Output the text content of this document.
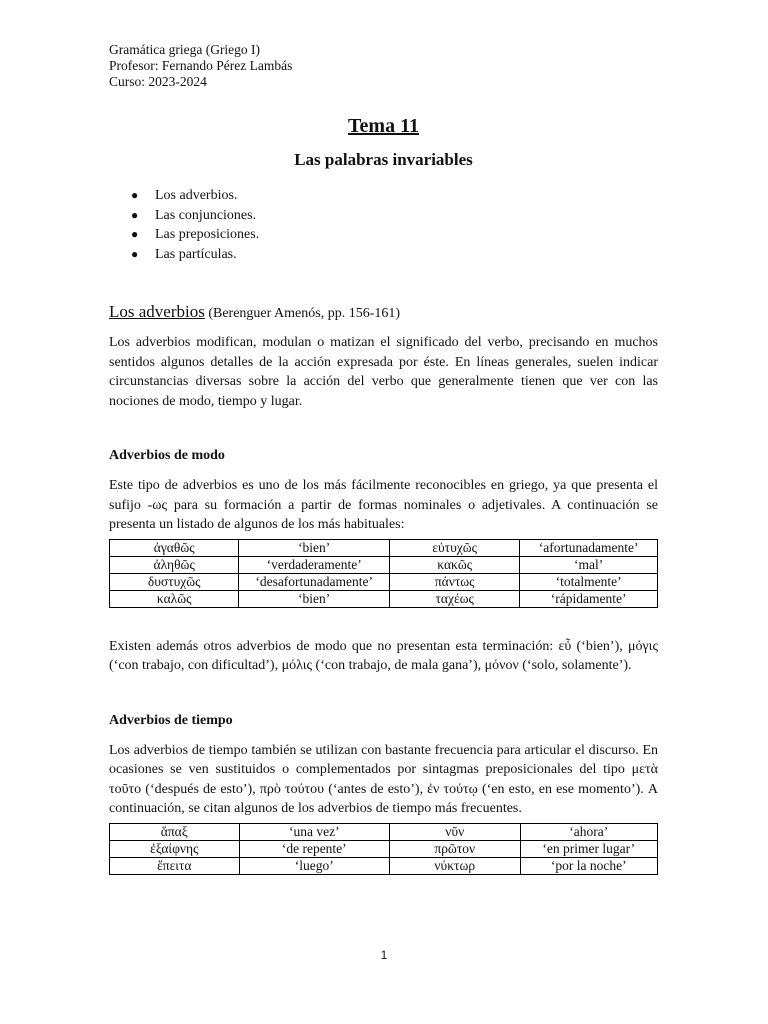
Gramática griega (Griego I)
Profesor: Fernando Pérez Lambás
Curso: 2023-2024
Tema 11
Las palabras invariables
● Los adverbios.
● Las conjunciones.
● Las preposiciones.
● Las partículas.
Los adverbios (Berenguer Amenós, pp. 156-161)

Los adverbios modifican, modulan o matizan el significado del verbo, precisando en muchos sentidos algunos detalles de la acción expresada por éste. En líneas generales, suelen indicar circunstancias diversas sobre la acción del verbo que generalmente tienen que ver con las nociones de modo, tiempo y lugar.

Adverbios de modo

Este tipo de adverbios es uno de los más fácilmente reconocibles en griego, ya que presenta el sufijo -ως para su formación a partir de formas nominales o adjetivales. A continuación se presenta un listado de algunos de los más habituales:

ἀγαθῶς	‘bien’	εὐτυχῶς	‘afortunadamente’
ἀληθῶς	‘verdaderamente’	κακῶς	‘mal’
δυστυχῶς	‘desafortunadamente’	πάντως	‘totalmente’
καλῶς	‘bien’	ταχέως	‘rápidamente’

Existen además otros adverbios de modo que no presentan esta terminación: εὖ (‘bien’), μόγις (‘con trabajo, con dificultad’), μόλις (‘con trabajo, de mala gana’), μόνον (‘solo, solamente’).

Adverbios de tiempo

Los adverbios de tiempo también se utilizan con bastante frecuencia para articular el discurso. En ocasiones se ven sustituidos o complementados por sintagmas preposicionales del tipo μετὰ τοῦτο (‘después de esto’), πρὸ τούτου (‘antes de esto’), ἐν τούτῳ (‘en esto, en ese momento’). A continuación, se citan algunos de los adverbios de tiempo más frecuentes.

ἅπαξ	‘una vez’	νῦν	‘ahora’
ἐξαίφνης	‘de repente’	πρῶτον	‘en primer lugar’
ἔπειτα	‘luego’	νύκτωρ	‘por la noche’
1
